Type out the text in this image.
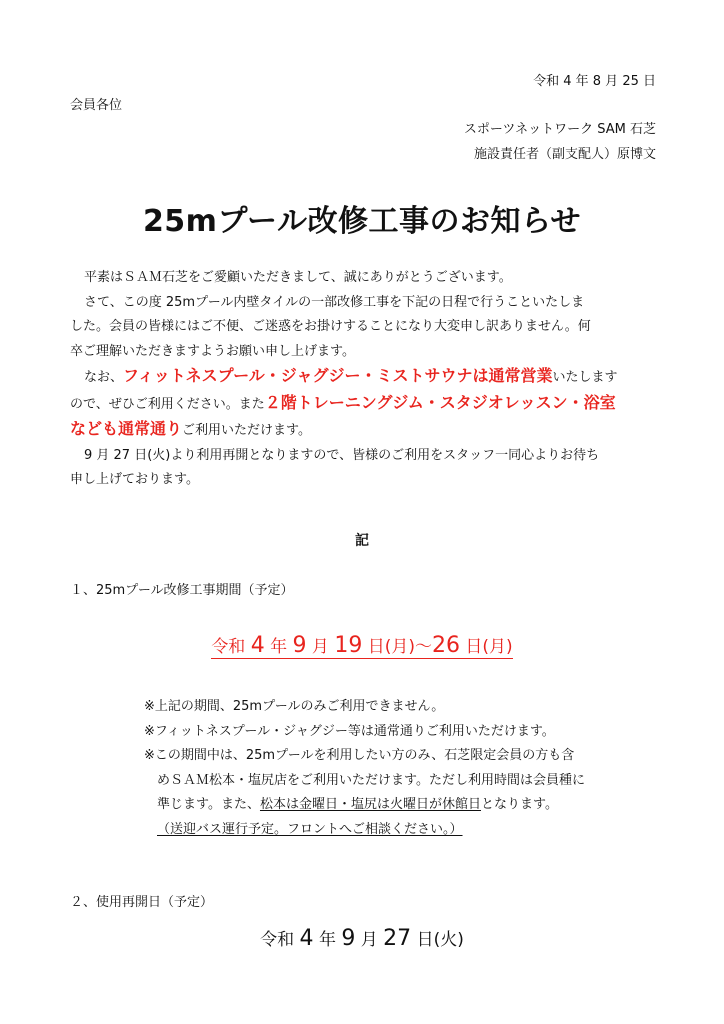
令和 4 年 8 月 25 日
会員各位
スポーツネットワーク SAM 石芝
施設責任者（副支配人）原博文
25mプール改修工事のお知らせ
平素はＳＡＭ石芝をご愛顧いただきまして、誠にありがとうございます。
さて、この度 25mプール内壁タイルの一部改修工事を下記の日程で行うこといたしま
した。会員の皆様にはご不便、ご迷惑をお掛けすることになり大変申し訳ありません。何
卒ご理解いただきますようお願い申し上げます。
なお、フィットネスプール・ジャグジー・ミストサウナは通常営業いたします
ので、ぜひご利用ください。また２階トレーニングジム・スタジオレッスン・浴室
なども通常通りご利用いただけます。
9 月 27 日(火)より利用再開となりますので、皆様のご利用をスタッフ一同心よりお待ち
申し上げております。
記
１、25mプール改修工事期間（予定）
令和 4 年 9 月 19 日(月)～26 日(月)
※上記の期間、25mプールのみご利用できません。
※フィットネスプール・ジャグジー等は通常通りご利用いただけます。
※この期間中は、25mプールを利用したい方のみ、石芝限定会員の方も含
めＳＡＭ松本・塩尻店をご利用いただけます。ただし利用時間は会員種に
準じます。また、松本は金曜日・塩尻は火曜日が休館日となります。
（送迎バス運行予定。フロントへご相談ください。）
２、使用再開日（予定）
令和 4 年 9 月 27 日(火)
